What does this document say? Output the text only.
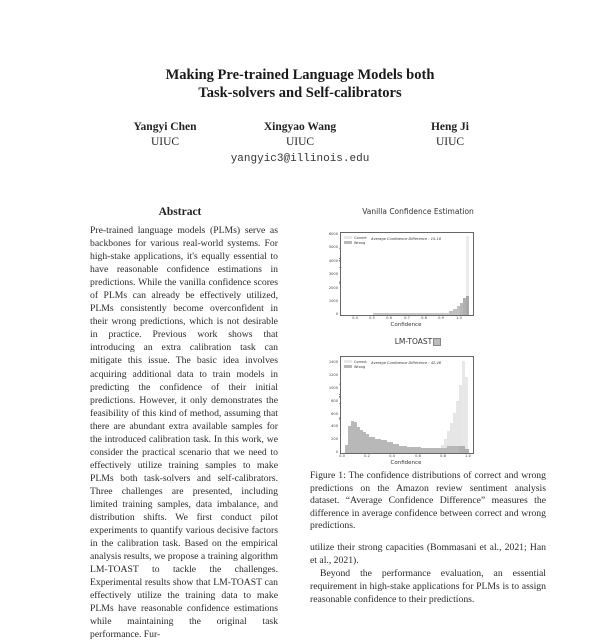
Making Pre-trained Language Models both
Task-solvers and Self-calibrators
Yangyi Chen
UIUC
Xingyao Wang
UIUC
Heng Ji
UIUC
yangyic3@illinois.edu
Abstract
Pre-trained language models (PLMs) serve as backbones for various real-world systems. For high-stake applications, it's equally essential to have reasonable confidence estimations in predictions. While the vanilla confidence scores of PLMs can already be effectively utilized, PLMs consistently become overconfident in their wrong predictions, which is not desirable in practice. Previous work shows that introducing an extra calibration task can mitigate this issue. The basic idea involves acquiring additional data to train models in predicting the confidence of their initial predictions. However, it only demonstrates the feasibility of this kind of method, assuming that there are abundant extra available samples for the introduced calibration task. In this work, we consider the practical scenario that we need to effectively utilize training samples to make PLMs both task-solvers and self-calibrators. Three challenges are presented, including limited training samples, data imbalance, and distribution shifts. We first conduct pilot experiments to quantify various decisive factors in the calibration task. Based on the empirical analysis results, we propose a training algorithm LM-TOAST to tackle the challenges. Experimental results show that LM-TOAST can effectively utilize the training data to make PLMs have reasonable confidence estimations while maintaining the original task performance. Fur-
Vanilla Confidence Estimation
6000
5000
4000
3000
2000
1000
0
Correct
Wrong
Average Confidence Difference : 15.18
0.4	0.5	0.6	0.7	0.8	0.9	1.0
Confidence
LM-TOAST
1400
1200
1000
800
600
400
200
0
Correct
Wrong
Average Confidence Difference : 42.46
0.0	0.2	0.4	0.6	0.8	1.0
Confidence
Figure 1: The confidence distributions of correct and wrong predictions on the Amazon review sentiment analysis dataset. “Average Confidence Difference” measures the difference in average confidence between correct and wrong predictions.

utilize their strong capacities (Bommasani et al., 2021; Han et al., 2021).

Beyond the performance evaluation, an essential requirement in high-stake applications for PLMs is to assign reasonable confidence to their predictions.
